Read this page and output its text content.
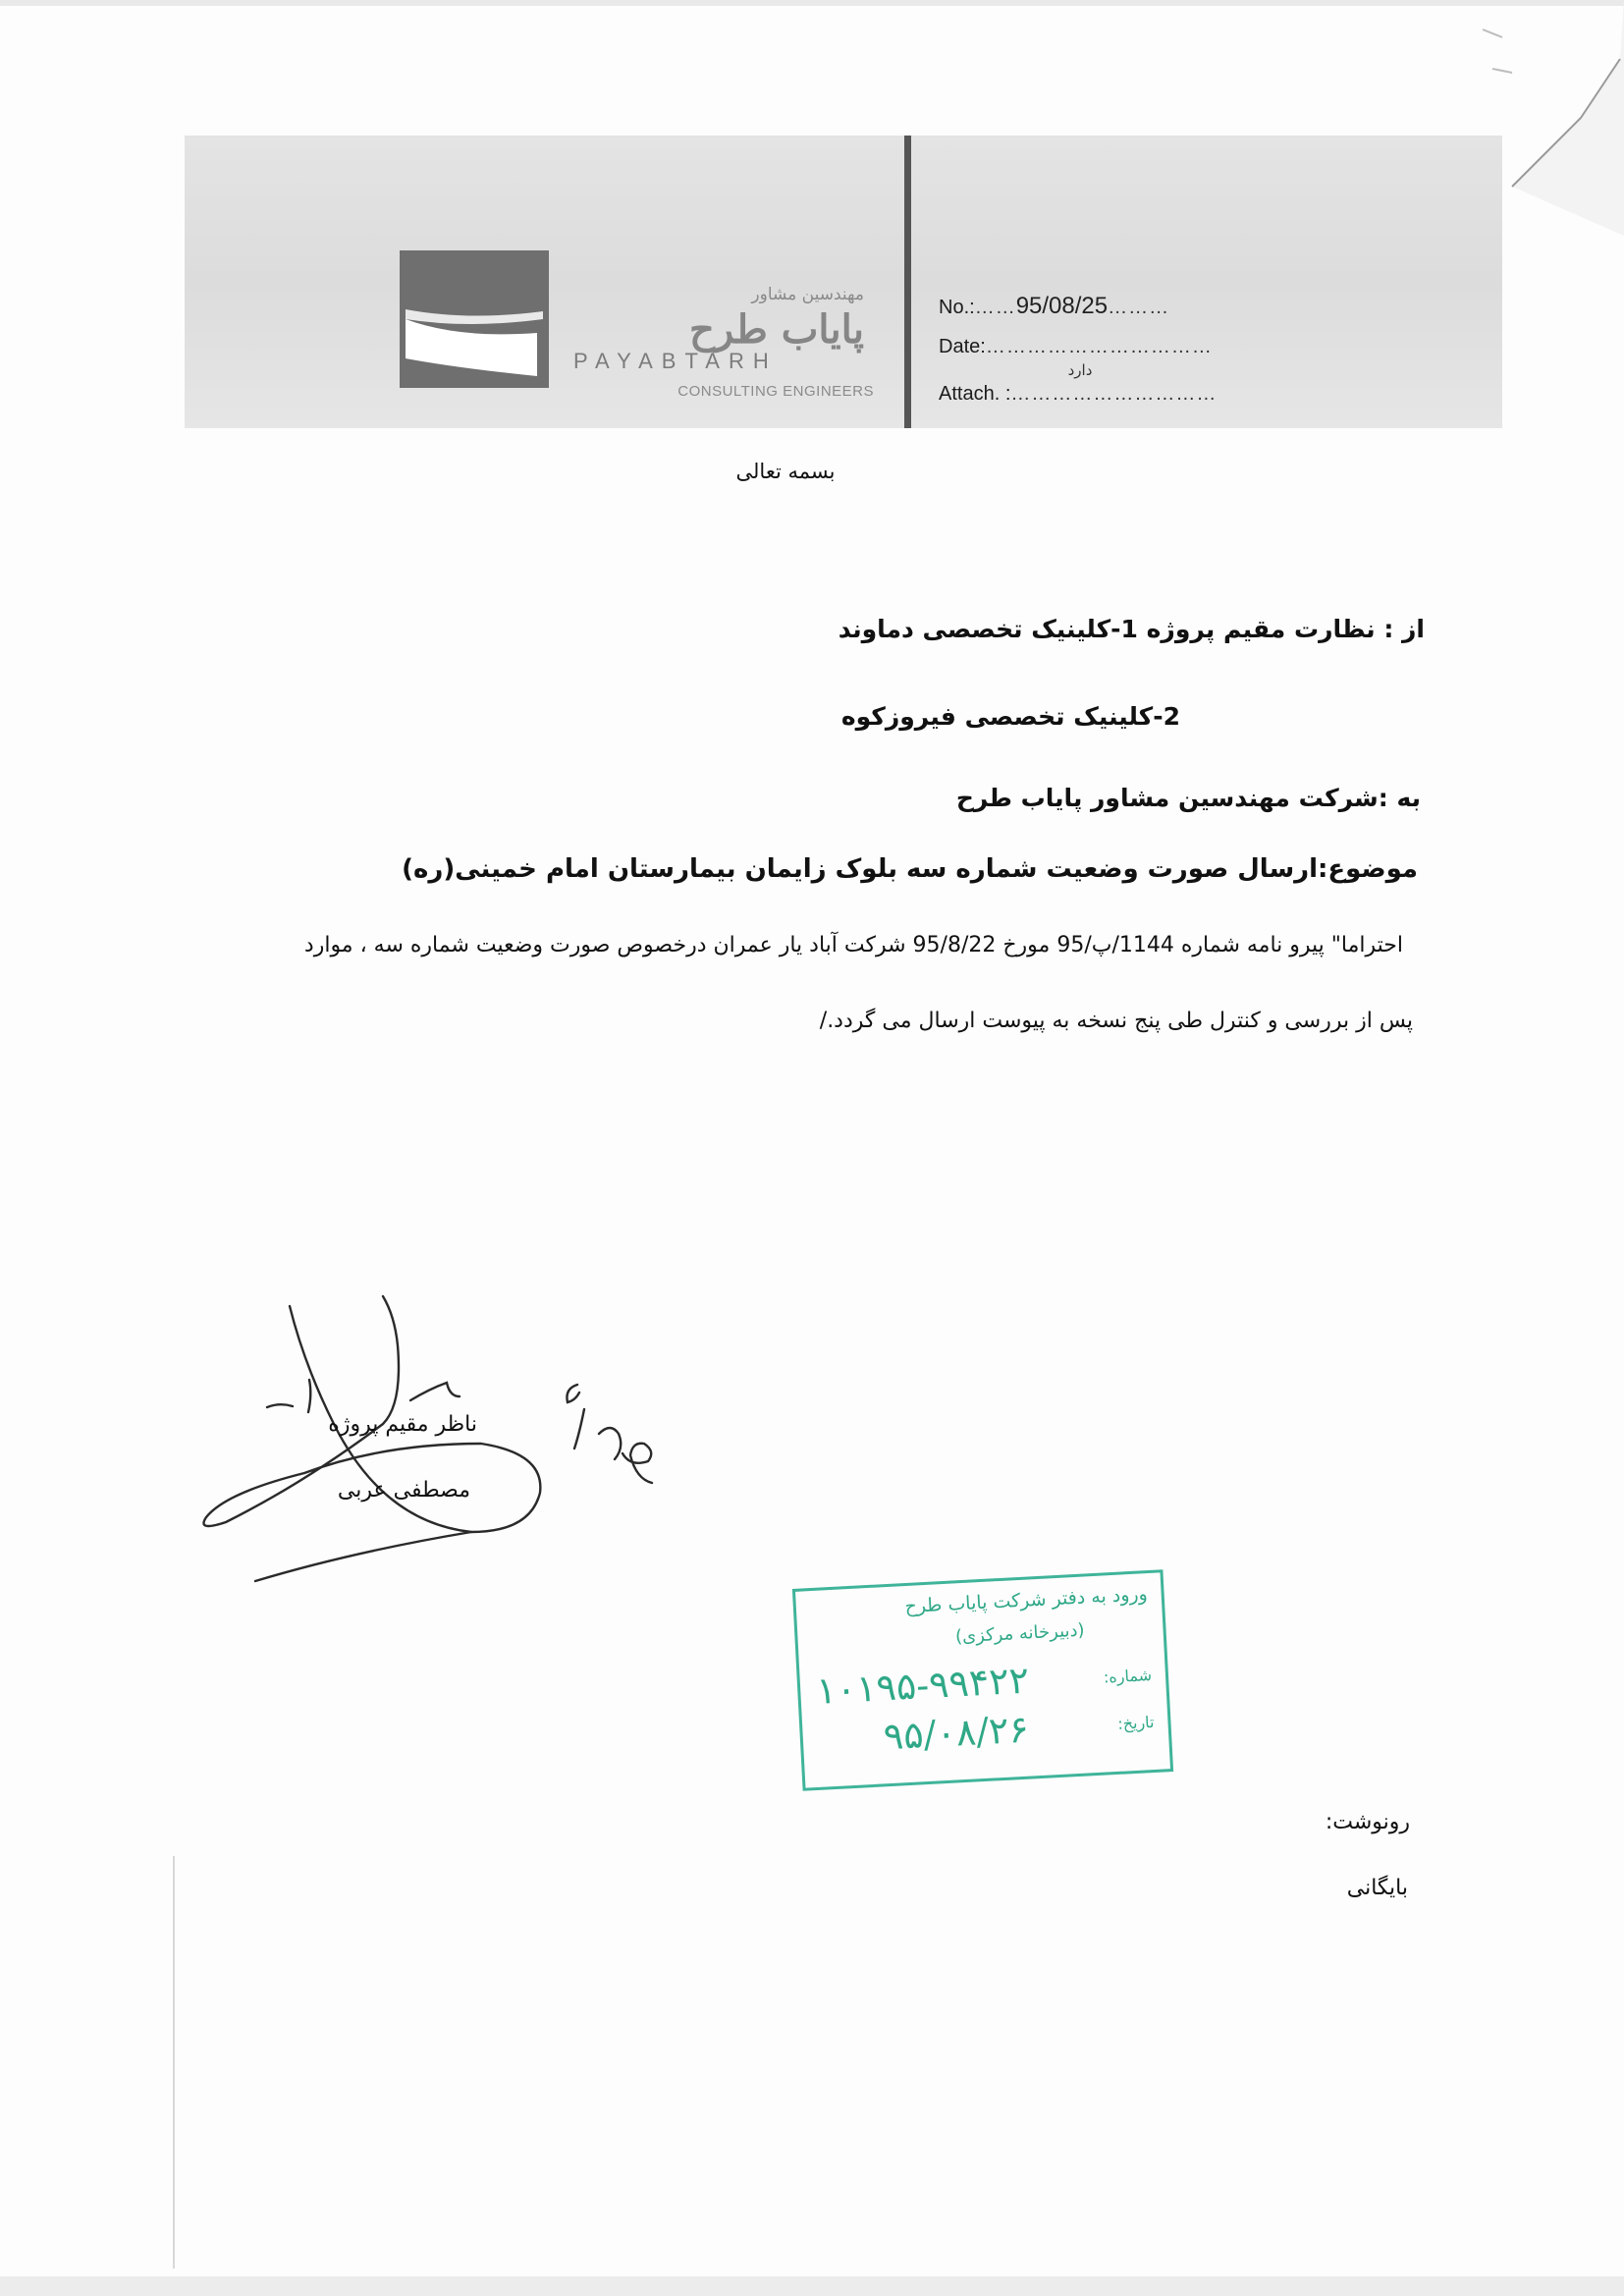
مهندسین مشاور
پایاب طرح
PAYABTARH
CONSULTING ENGINEERS
No.:……95/08/25………
Date:……………………………
دارد
Attach. :…………………………
بسمه تعالی
از : نظارت مقیم پروژه 1-کلینیک تخصصی دماوند
2-کلینیک تخصصی فیروزکوه
به :شرکت مهندسین مشاور پایاب طرح
موضوع:ارسال صورت وضعیت شماره سه بلوک زایمان بیمارستان امام خمینی(ره)
احتراما" پیرو نامه شماره 1144/پ/95 مورخ 95/8/22 شرکت آباد یار عمران درخصوص صورت وضعیت شماره سه ، موارد
پس از بررسی و کنترل طی پنج نسخه به پیوست ارسال می گردد./
ناظر مقیم پروژه
مصطفی عربی
ورود به دفتر شرکت پایاب طرح
(دبیرخانه مرکزی)
شماره:
۱۰۱۹۵-۹۹۴۲۲
تاریخ:
۹۵/۰۸/۲۶
رونوشت:
بایگانی
